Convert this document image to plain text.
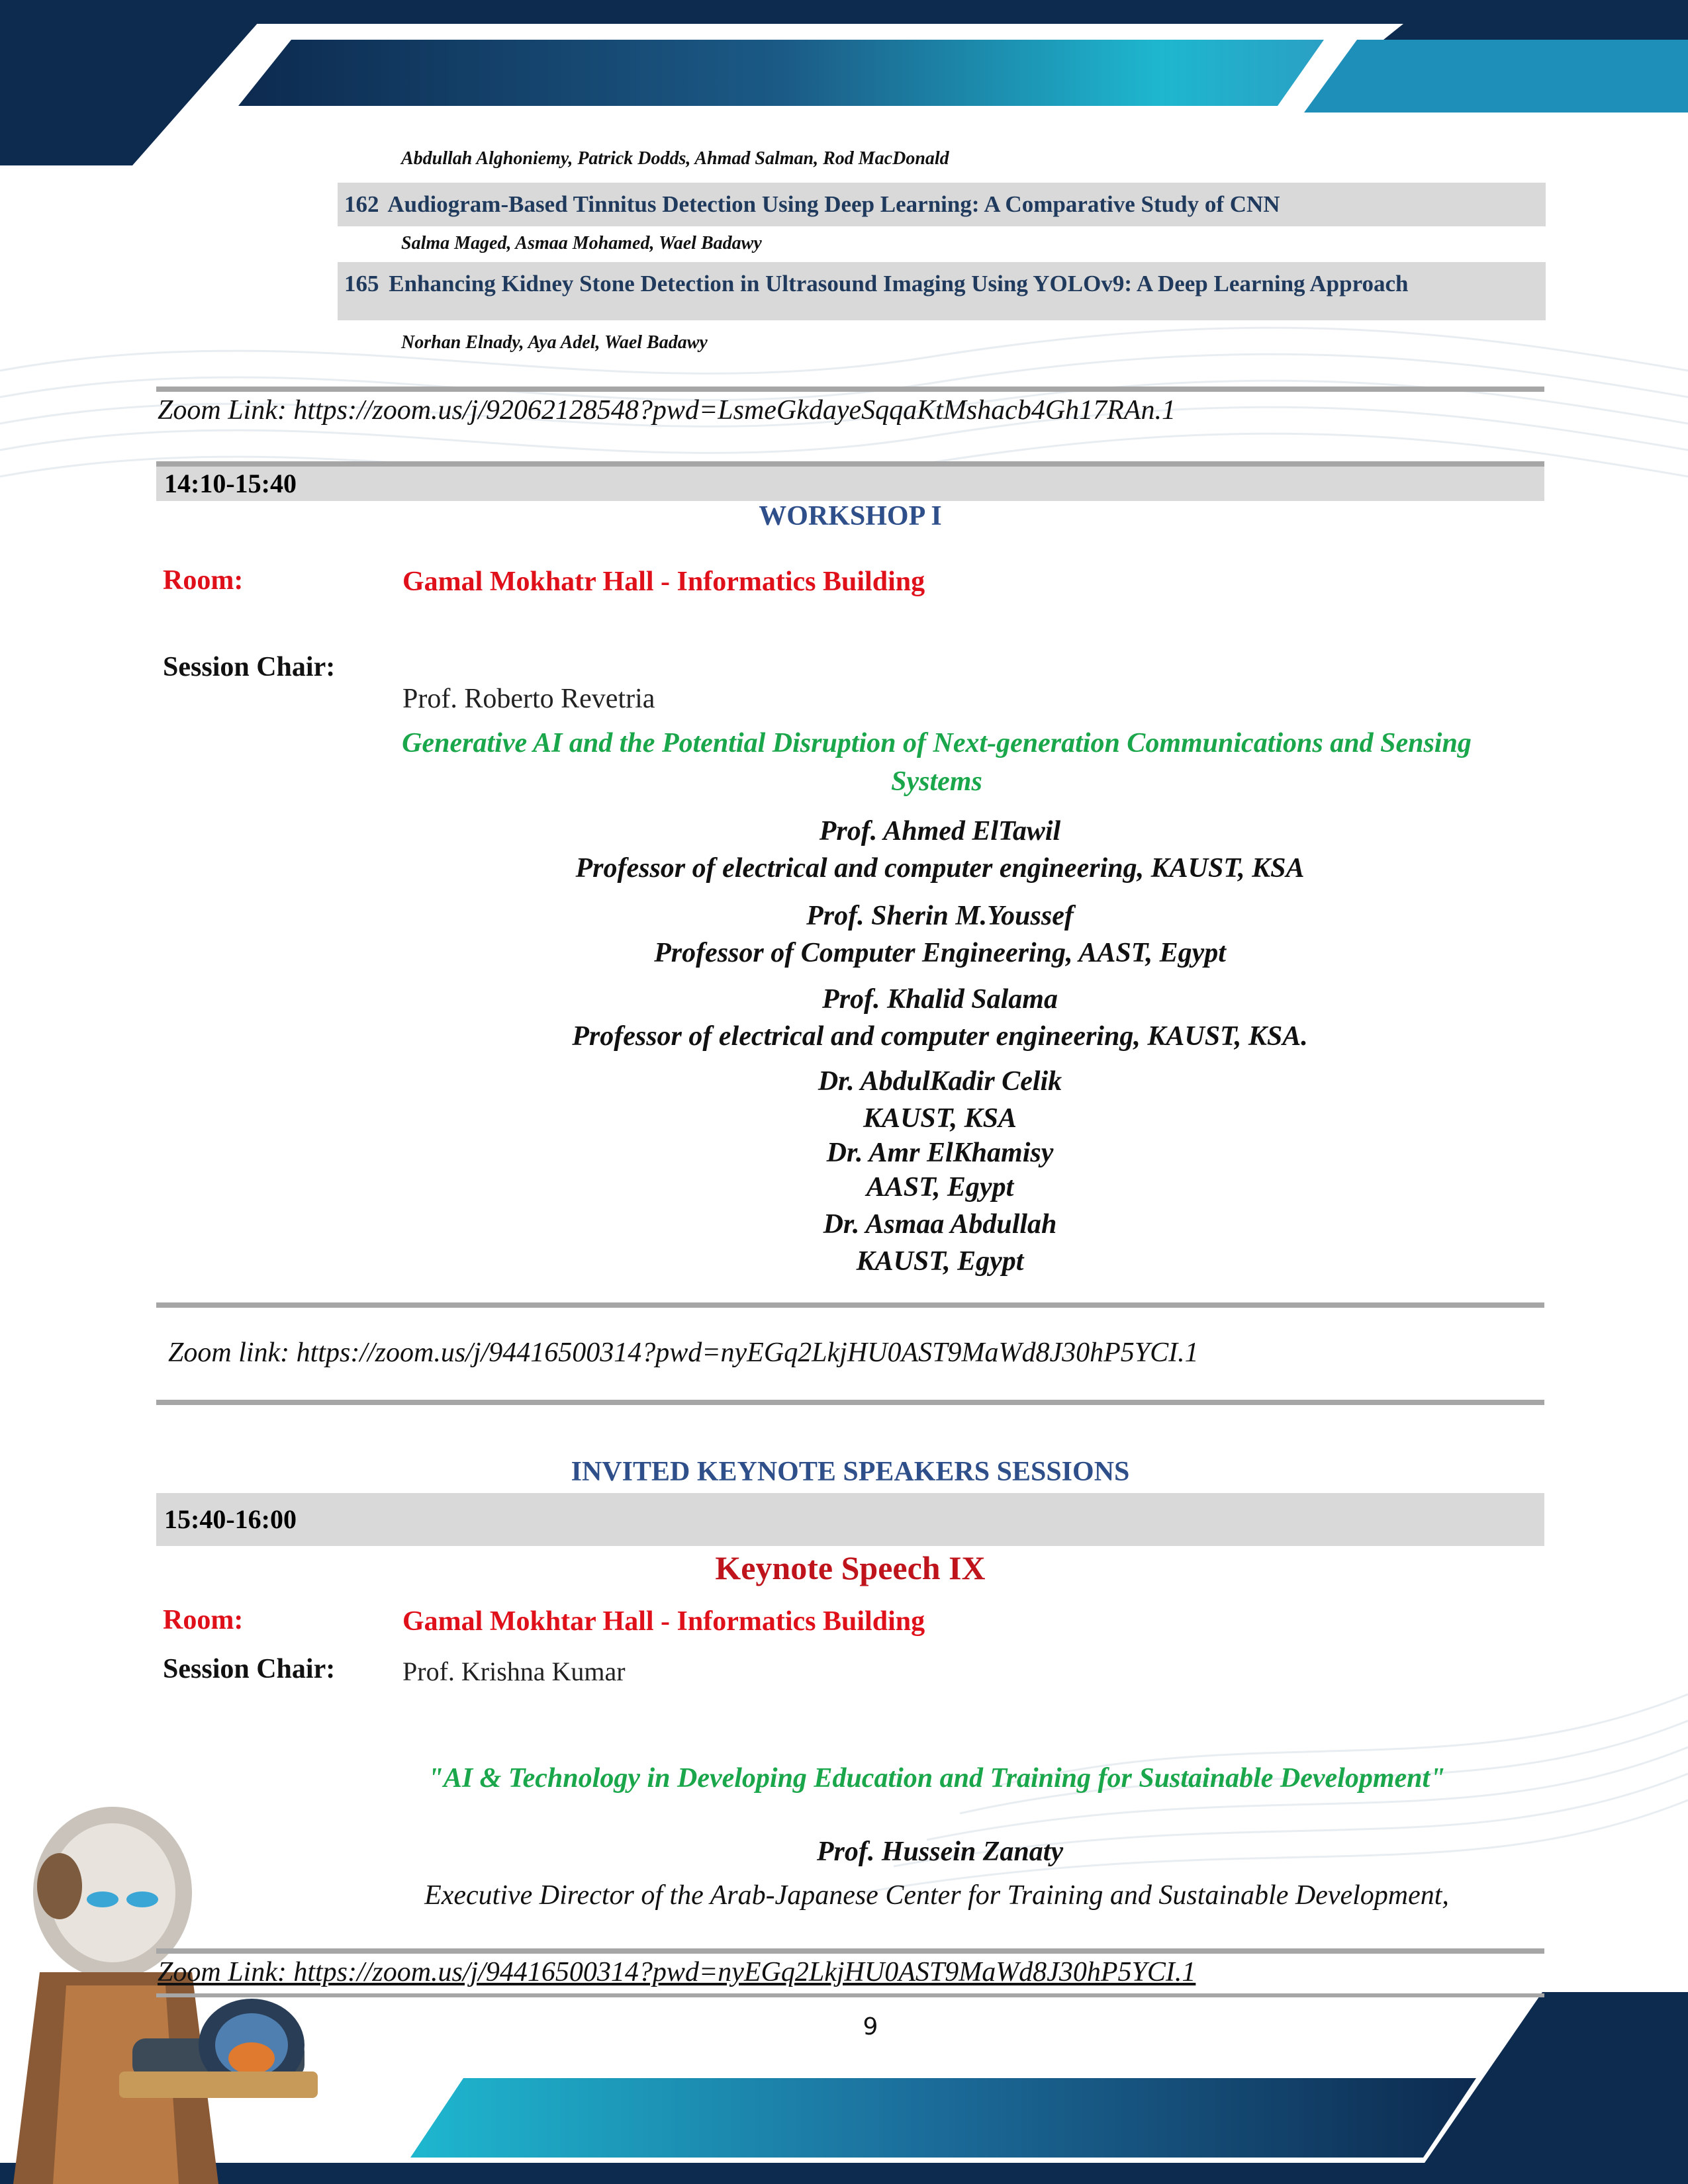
Abdullah Alghoniemy, Patrick Dodds, Ahmad Salman, Rod MacDonald
162 Audiogram-Based Tinnitus Detection Using Deep Learning: A Comparative Study of CNN
Salma Maged, Asmaa Mohamed, Wael Badawy
165 Enhancing Kidney Stone Detection in Ultrasound Imaging Using YOLOv9: A Deep Learning Approach
Norhan Elnady, Aya Adel, Wael Badawy
Zoom Link: https://zoom.us/j/92062128548?pwd=LsmeGkdayeSqqaKtMshacb4Gh17RAn.1
14:10-15:40
WORKSHOP I
Room:	Gamal Mokhatr Hall - Informatics Building
Session Chair:
Prof. Roberto Revetria
Generative AI and the Potential Disruption of Next-generation Communications and Sensing
Systems
Prof. Ahmed ElTawil
Professor of electrical and computer engineering, KAUST, KSA
Prof. Sherin M.Youssef
Professor of Computer Engineering, AAST, Egypt
Prof. Khalid Salama
Professor of electrical and computer engineering, KAUST, KSA.
Dr. AbdulKadir Celik
KAUST, KSA
Dr. Amr ElKhamisy
AAST, Egypt
Dr. Asmaa Abdullah
KAUST, Egypt
Zoom link: https://zoom.us/j/94416500314?pwd=nyEGq2LkjHU0AST9MaWd8J30hP5YCI.1
INVITED KEYNOTE SPEAKERS SESSIONS
15:40-16:00
Keynote Speech IX
Room:	Gamal Mokhtar Hall - Informatics Building
Session Chair:	Prof. Krishna Kumar
"AI & Technology in Developing Education and Training for Sustainable Development"
Prof. Hussein Zanaty
Executive Director of the Arab-Japanese Center for Training and Sustainable Development,
Zoom Link: https://zoom.us/j/94416500314?pwd=nyEGq2LkjHU0AST9MaWd8J30hP5YCI.1
9
